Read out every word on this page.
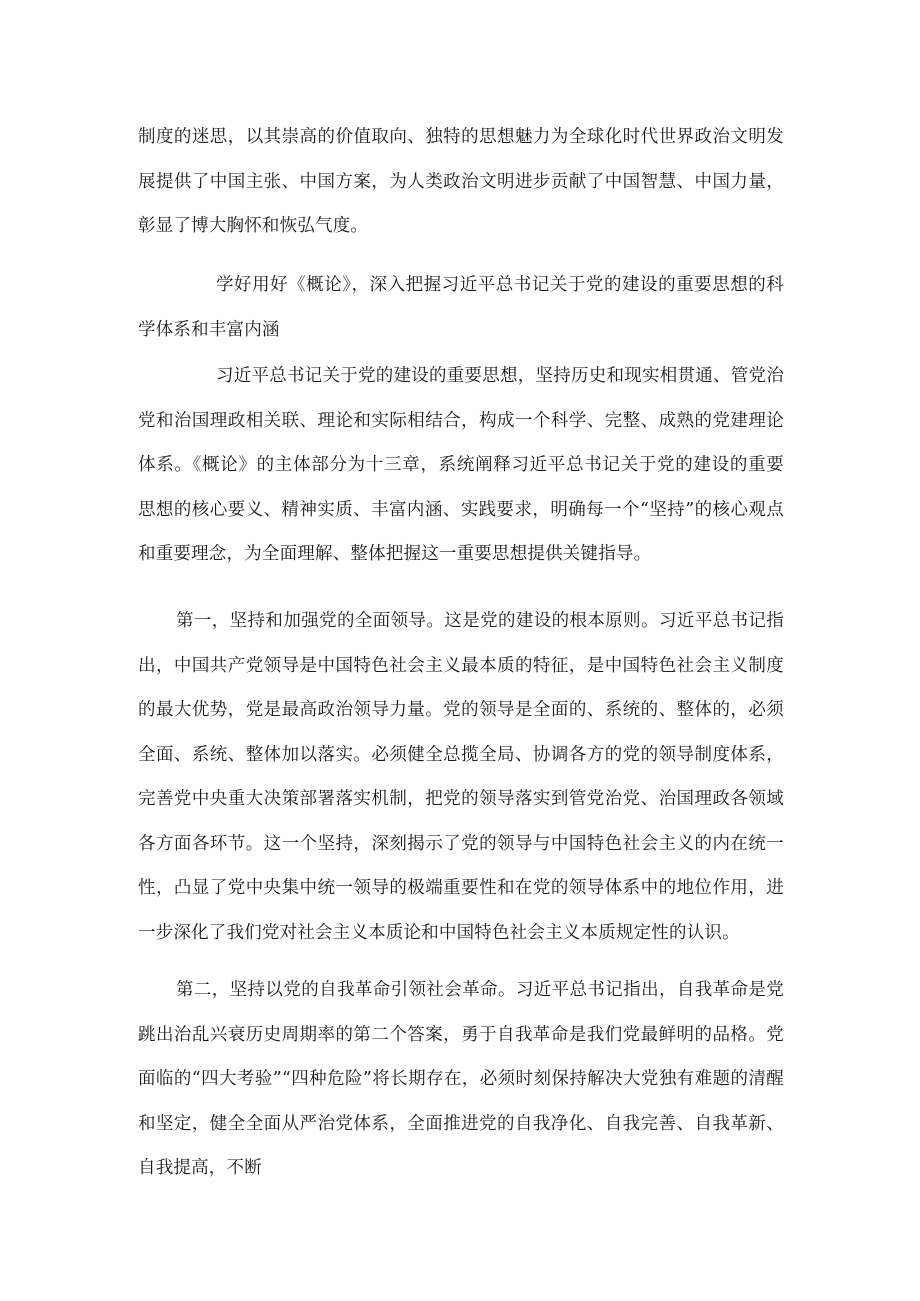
制度的迷思，以其崇高的价值取向、独特的思想魅力为全球化时代世界政治文明发展提供了中国主张、中国方案，为人类政治文明进步贡献了中国智慧、中国力量，彰显了博大胸怀和恢弘气度。

学好用好《概论》，深入把握习近平总书记关于党的建设的重要思想的科学体系和丰富内涵

习近平总书记关于党的建设的重要思想，坚持历史和现实相贯通、管党治党和治国理政相关联、理论和实际相结合，构成一个科学、完整、成熟的党建理论体系。《概论》的主体部分为十三章，系统阐释习近平总书记关于党的建设的重要思想的核心要义、精神实质、丰富内涵、实践要求，明确每一个“坚持”的核心观点和重要理念，为全面理解、整体把握这一重要思想提供关键指导。

第一，坚持和加强党的全面领导。这是党的建设的根本原则。习近平总书记指出，中国共产党领导是中国特色社会主义最本质的特征，是中国特色社会主义制度的最大优势，党是最高政治领导力量。党的领导是全面的、系统的、整体的，必须全面、系统、整体加以落实。必须健全总揽全局、协调各方的党的领导制度体系，完善党中央重大决策部署落实机制，把党的领导落实到管党治党、治国理政各领域各方面各环节。这一个坚持，深刻揭示了党的领导与中国特色社会主义的内在统一性，凸显了党中央集中统一领导的极端重要性和在党的领导体系中的地位作用，进一步深化了我们党对社会主义本质论和中国特色社会主义本质规定性的认识。

第二，坚持以党的自我革命引领社会革命。习近平总书记指出，自我革命是党跳出治乱兴衰历史周期率的第二个答案，勇于自我革命是我们党最鲜明的品格。党面临的“四大考验”“四种危险”将长期存在，必须时刻保持解决大党独有难题的清醒和坚定，健全全面从严治党体系，全面推进党的自我净化、自我完善、自我革新、自我提高，不断
